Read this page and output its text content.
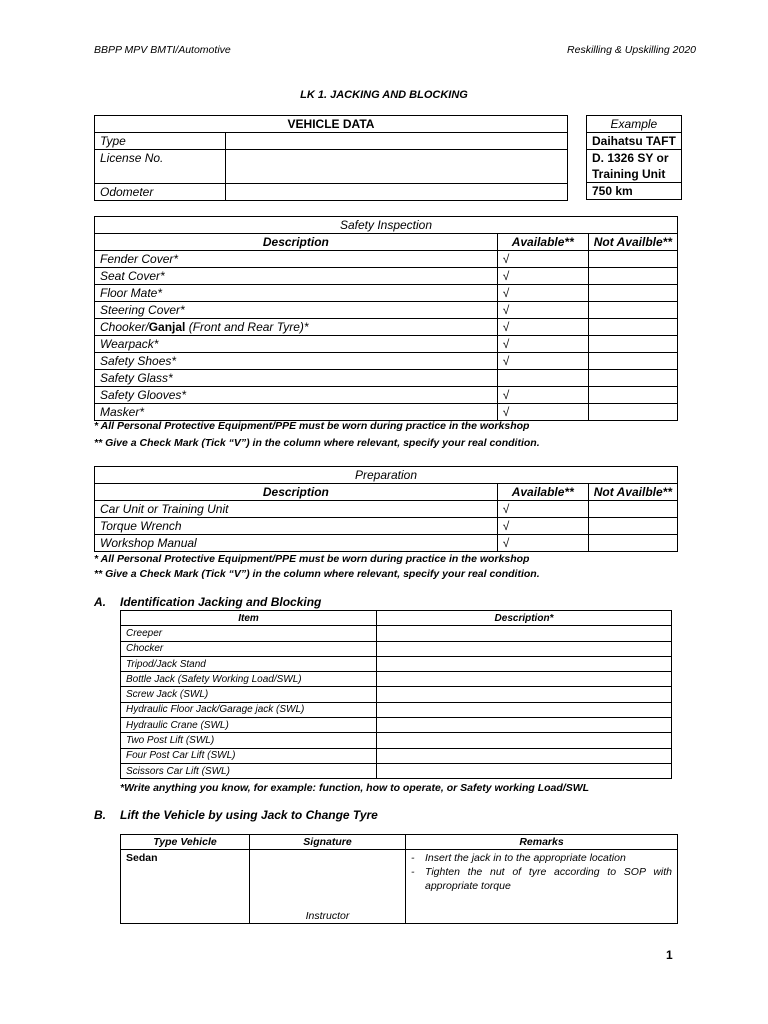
BBPP MPV BMTI/Automotive	Reskilling & Upskilling 2020
LK 1. JACKING AND BLOCKING
VEHICLE DATA	
Type	
License No.	
Odometer	
Example
Daihatsu TAFT

D. 1326 SY or
Training Unit

750 km
Safety Inspection		
Description	Available**	Not Availble**
Fender Cover*	√	
Seat Cover*	√	
Floor Mate*	√	
Steering Cover*	√	
Chooker/Ganjal (Front and Rear Tyre)*	√	
Wearpack*	√	
Safety Shoes*	√	
Safety Glass*		
Safety Glooves*	√	
Masker*	√	
* All Personal Protective Equipment/PPE must be worn during practice in the workshop
** Give a Check Mark (Tick “V”) in the column where relevant, specify your real condition.
Preparation		
Description	Available**	Not Availble**
Car Unit or Training Unit	√	
Torque Wrench	√	
Workshop Manual	√	
* All Personal Protective Equipment/PPE must be worn during practice in the workshop
** Give a Check Mark (Tick “V”) in the column where relevant, specify your real condition.
A. Identification Jacking and Blocking
Item	Description*
Creeper	
Chocker	
Tripod/Jack Stand	
Bottle Jack (Safety Working Load/SWL)	
Screw Jack (SWL)	
Hydraulic Floor Jack/Garage jack (SWL)	
Hydraulic Crane (SWL)	
Two Post Lift (SWL)	
Four Post Car Lift (SWL)	
Scissors Car Lift (SWL)	
*Write anything you know, for example: function, how to operate, or Safety working Load/SWL
B. Lift the Vehicle by using Jack to Change Tyre
Type Vehicle	Signature	Remarks
Sedan	Instructor	- Insert the jack in to the appropriate location
- Tighten the nut of tyre according to SOP with appropriate torque
1
